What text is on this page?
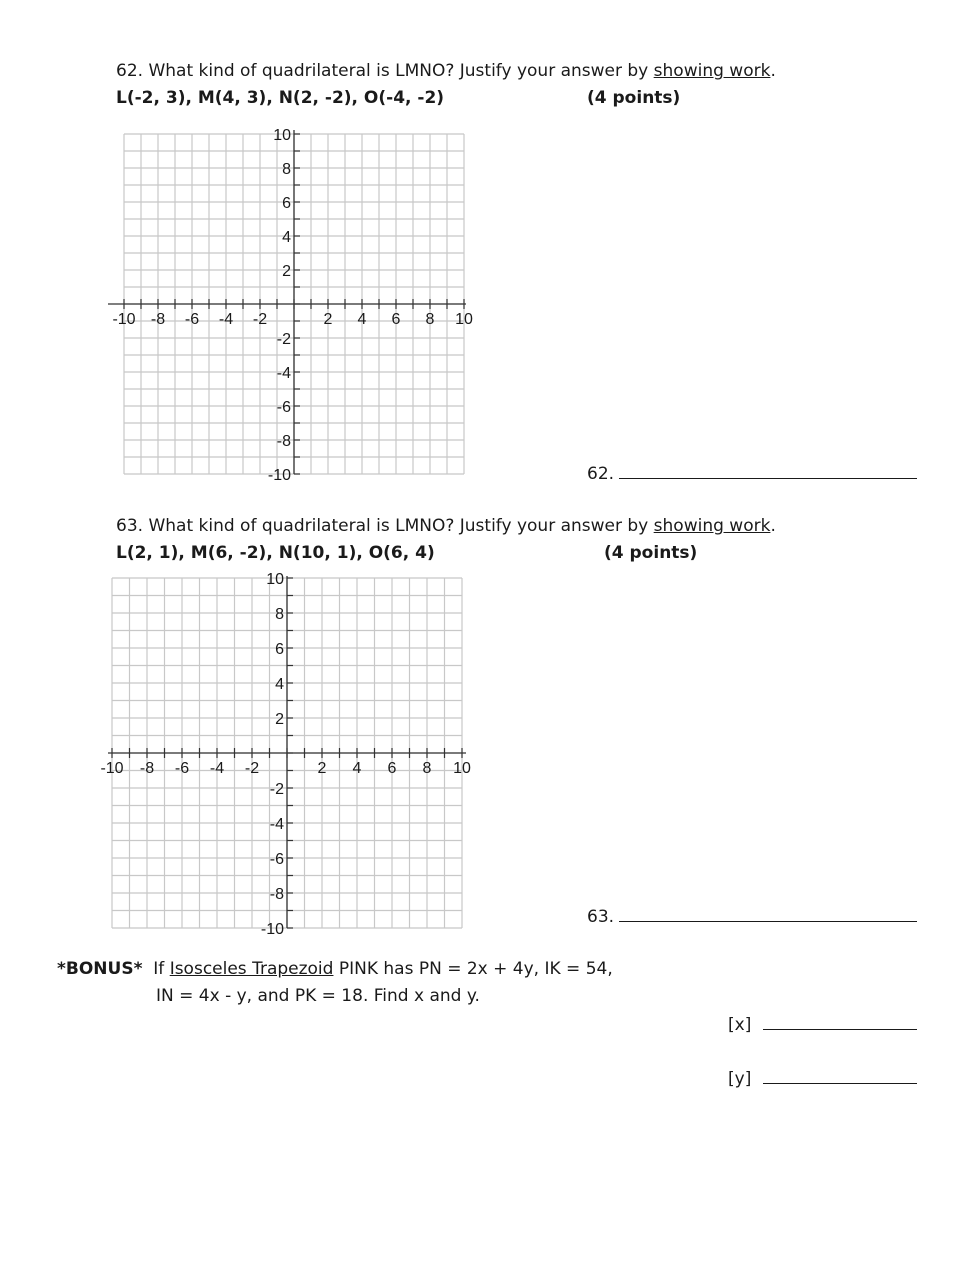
62. What kind of quadrilateral is LMNO? Justify your answer by showing work.
L(-2, 3), M(4, 3), N(2, -2), O(-4, -2)	(4 points)
-10 -8 -6 -4 -2	2 4 6 8 10
10
8
6
4
2
-2
-4
-6
-8
-10	62.
63. What kind of quadrilateral is LMNO? Justify your answer by showing work.
L(2, 1), M(6, -2), N(10, 1), O(6, 4)	(4 points)
-10 -8 -6 -4 -2	2 4 6 8 10
10
8
6
4
2
-2
-4
-6
-8
-10
63.
*BONUS*  If Isosceles Trapezoid PINK has PN = 2x + 4y, IK = 54,
IN = 4x - y, and PK = 18. Find x and y.
[x]
[y]
